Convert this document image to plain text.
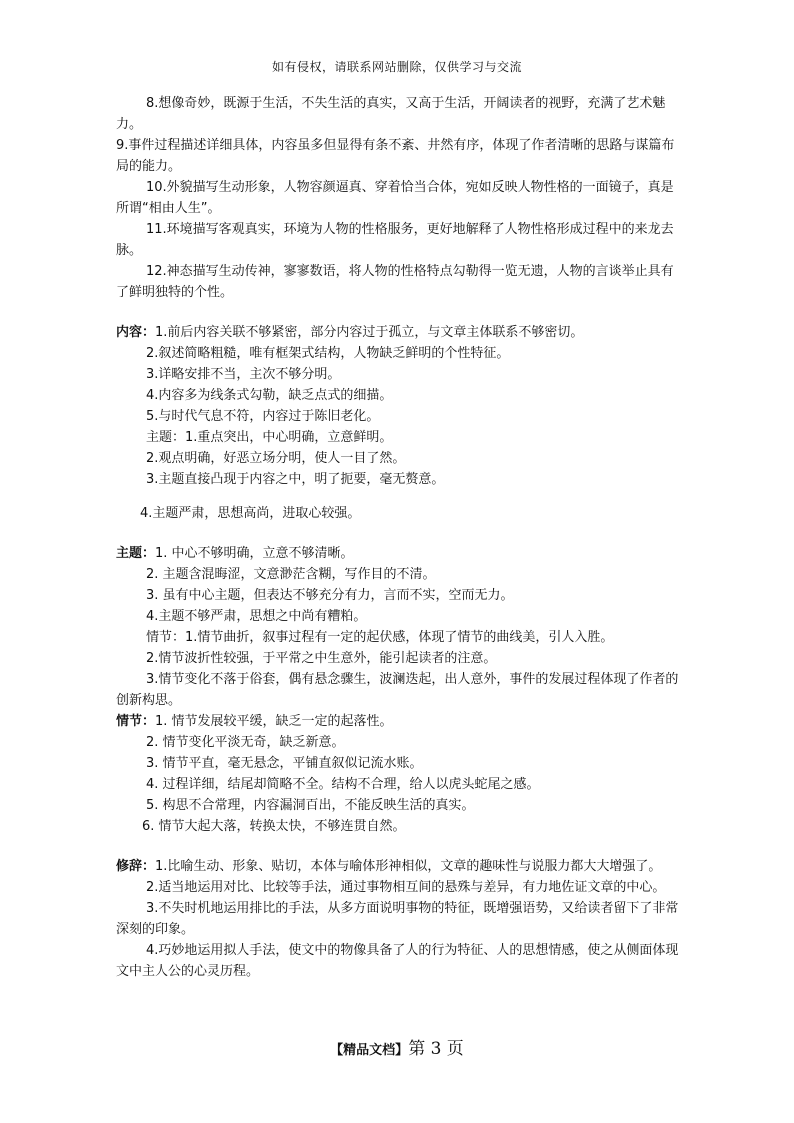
如有侵权，请联系网站删除，仅供学习与交流

8.想像奇妙，既源于生活，不失生活的真实，又高于生活，开阔读者的视野，充满了艺术魅力。

9.事件过程描述详细具体，内容虽多但显得有条不紊、井然有序，体现了作者清晰的思路与谋篇布局的能力。

10.外貌描写生动形象，人物容颜逼真、穿着恰当合体，宛如反映人物性格的一面镜子，真是所谓“相由人生”。

11.环境描写客观真实，环境为人物的性格服务，更好地解释了人物性格形成过程中的来龙去脉。

12.神态描写生动传神，寥寥数语，将人物的性格特点勾勒得一览无遗，人物的言谈举止具有了鲜明独特的个性。

内容：1.前后内容关联不够紧密，部分内容过于孤立，与文章主体联系不够密切。

2.叙述简略粗糙，唯有框架式结构，人物缺乏鲜明的个性特征。

3.详略安排不当，主次不够分明。

4.内容多为线条式勾勒，缺乏点式的细描。

5.与时代气息不符，内容过于陈旧老化。

主题：1.重点突出，中心明确，立意鲜明。

2.观点明确，好恶立场分明，使人一目了然。

3.主题直接凸现于内容之中，明了扼要，毫无赘意。

4.主题严肃，思想高尚，进取心较强。

主题：1. 中心不够明确，立意不够清晰。

2. 主题含混晦涩，文意渺茫含糊，写作目的不清。

3. 虽有中心主题，但表达不够充分有力，言而不实，空而无力。

4.主题不够严肃，思想之中尚有糟粕。

情节：1.情节曲折，叙事过程有一定的起伏感，体现了情节的曲线美，引人入胜。

2.情节波折性较强，于平常之中生意外，能引起读者的注意。

3.情节变化不落于俗套，偶有悬念骤生，波澜迭起，出人意外，事件的发展过程体现了作者的创新构思。

情节：1. 情节发展较平缓，缺乏一定的起落性。

2. 情节变化平淡无奇，缺乏新意。

3. 情节平直，毫无悬念，平铺直叙似记流水账。

4. 过程详细，结尾却简略不全。结构不合理，给人以虎头蛇尾之感。

5. 构思不合常理，内容漏洞百出，不能反映生活的真实。

6. 情节大起大落，转换太快，不够连贯自然。

修辞：1.比喻生动、形象、贴切，本体与喻体形神相似，文章的趣味性与说服力都大大增强了。

2.适当地运用对比、比较等手法，通过事物相互间的悬殊与差异，有力地佐证文章的中心。

3.不失时机地运用排比的手法，从多方面说明事物的特征，既增强语势，又给读者留下了非常深刻的印象。

4.巧妙地运用拟人手法，使文中的物像具备了人的行为特征、人的思想情感，使之从侧面体现文中主人公的心灵历程。

【精品文档】第 3 页
